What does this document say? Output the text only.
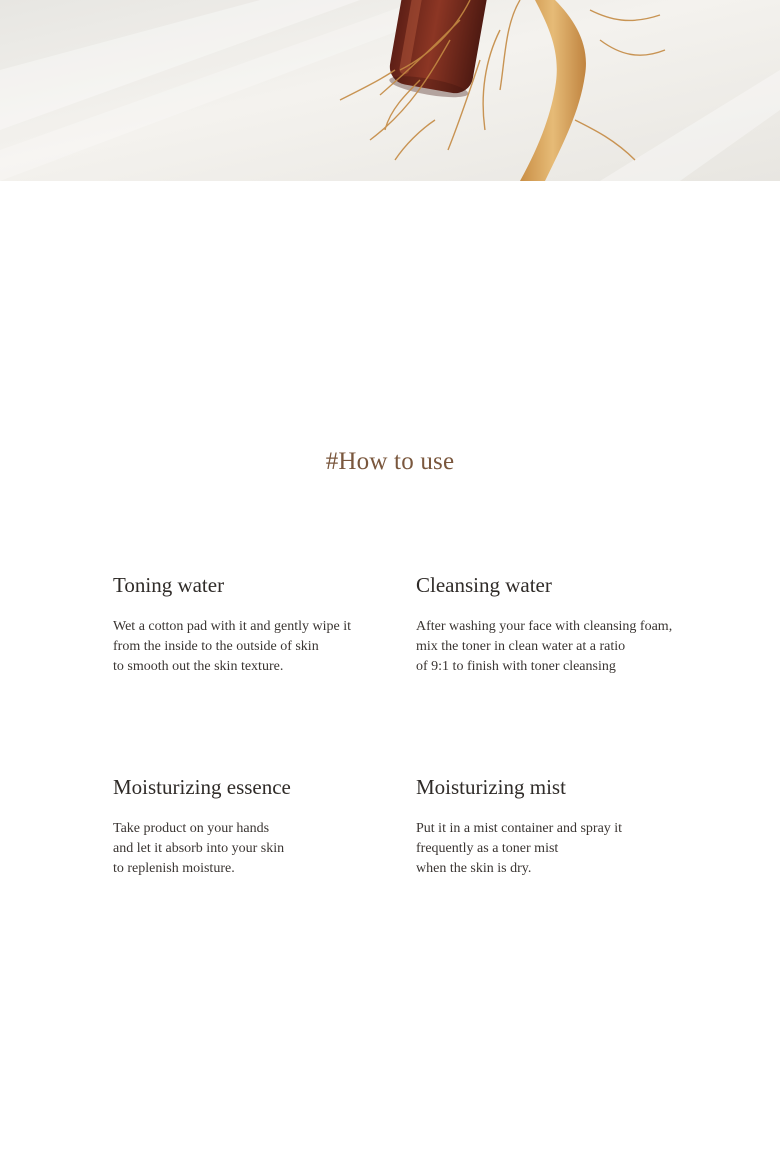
#How to use
Toning water

Wet a cotton pad with it and gently wipe it
from the inside to the outside of skin
to smooth out the skin texture.

Cleansing water

After washing your face with cleansing foam,
mix the toner in clean water at a ratio
of 9:1 to finish with toner cleansing

Moisturizing essence

Take product on your hands
and let it absorb into your skin
to replenish moisture.

Moisturizing mist

Put it in a mist container and spray it
frequently as a toner mist
when the skin is dry.
